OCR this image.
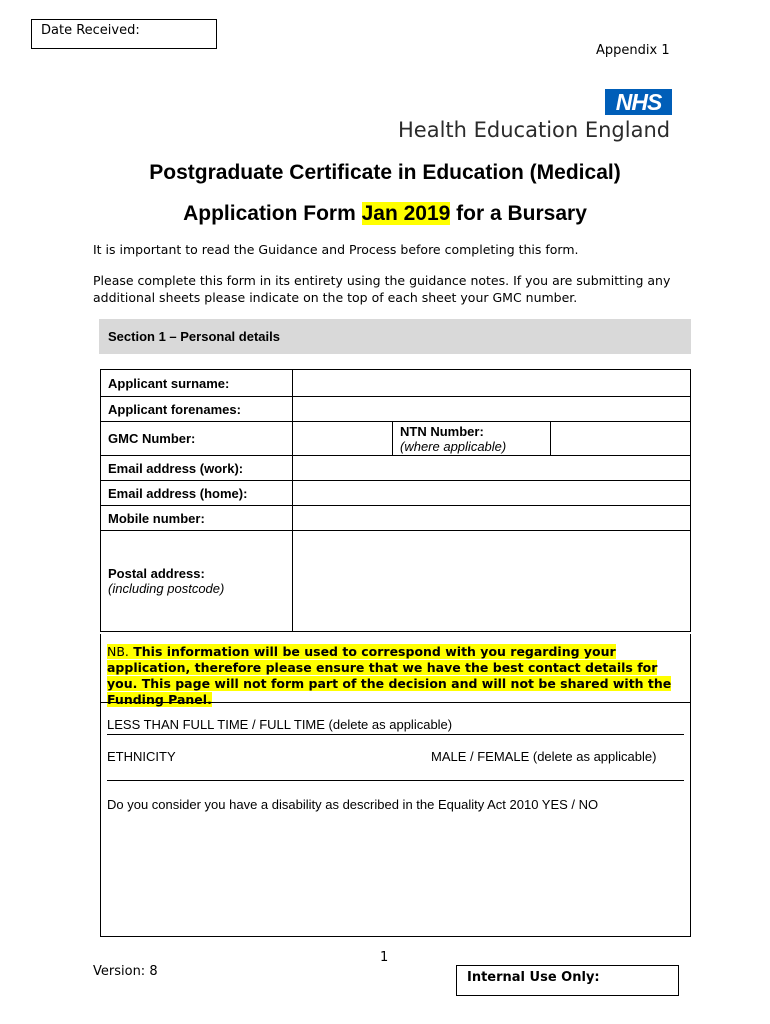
Date Received:
Appendix 1
NHS
Health Education England
Postgraduate Certificate in Education (Medical)
Application Form Jan 2019 for a Bursary
It is important to read the Guidance and Process before completing this form.
Please complete this form in its entirety using the guidance notes. If you are submitting any additional sheets please indicate on the top of each sheet your GMC number.
Section 1 – Personal details
Applicant surname:			
Applicant forenames:			
GMC Number:		NTN Number:
(where applicable)	

Email address (work):			
Email address (home):			
Mobile number:			

Postal address:
(including postcode)			

NB. This information will be used to correspond with you regarding your application, therefore please ensure that we have the best contact details for you. This page will not form part of the decision and will not be shared with the Funding Panel.
LESS THAN FULL TIME / FULL TIME (delete as applicable)
ETHNICITY	MALE / FEMALE (delete as applicable)
Do you consider you have a disability as described in the Equality Act 2010 YES / NO
1
Version: 8	Internal Use Only:
